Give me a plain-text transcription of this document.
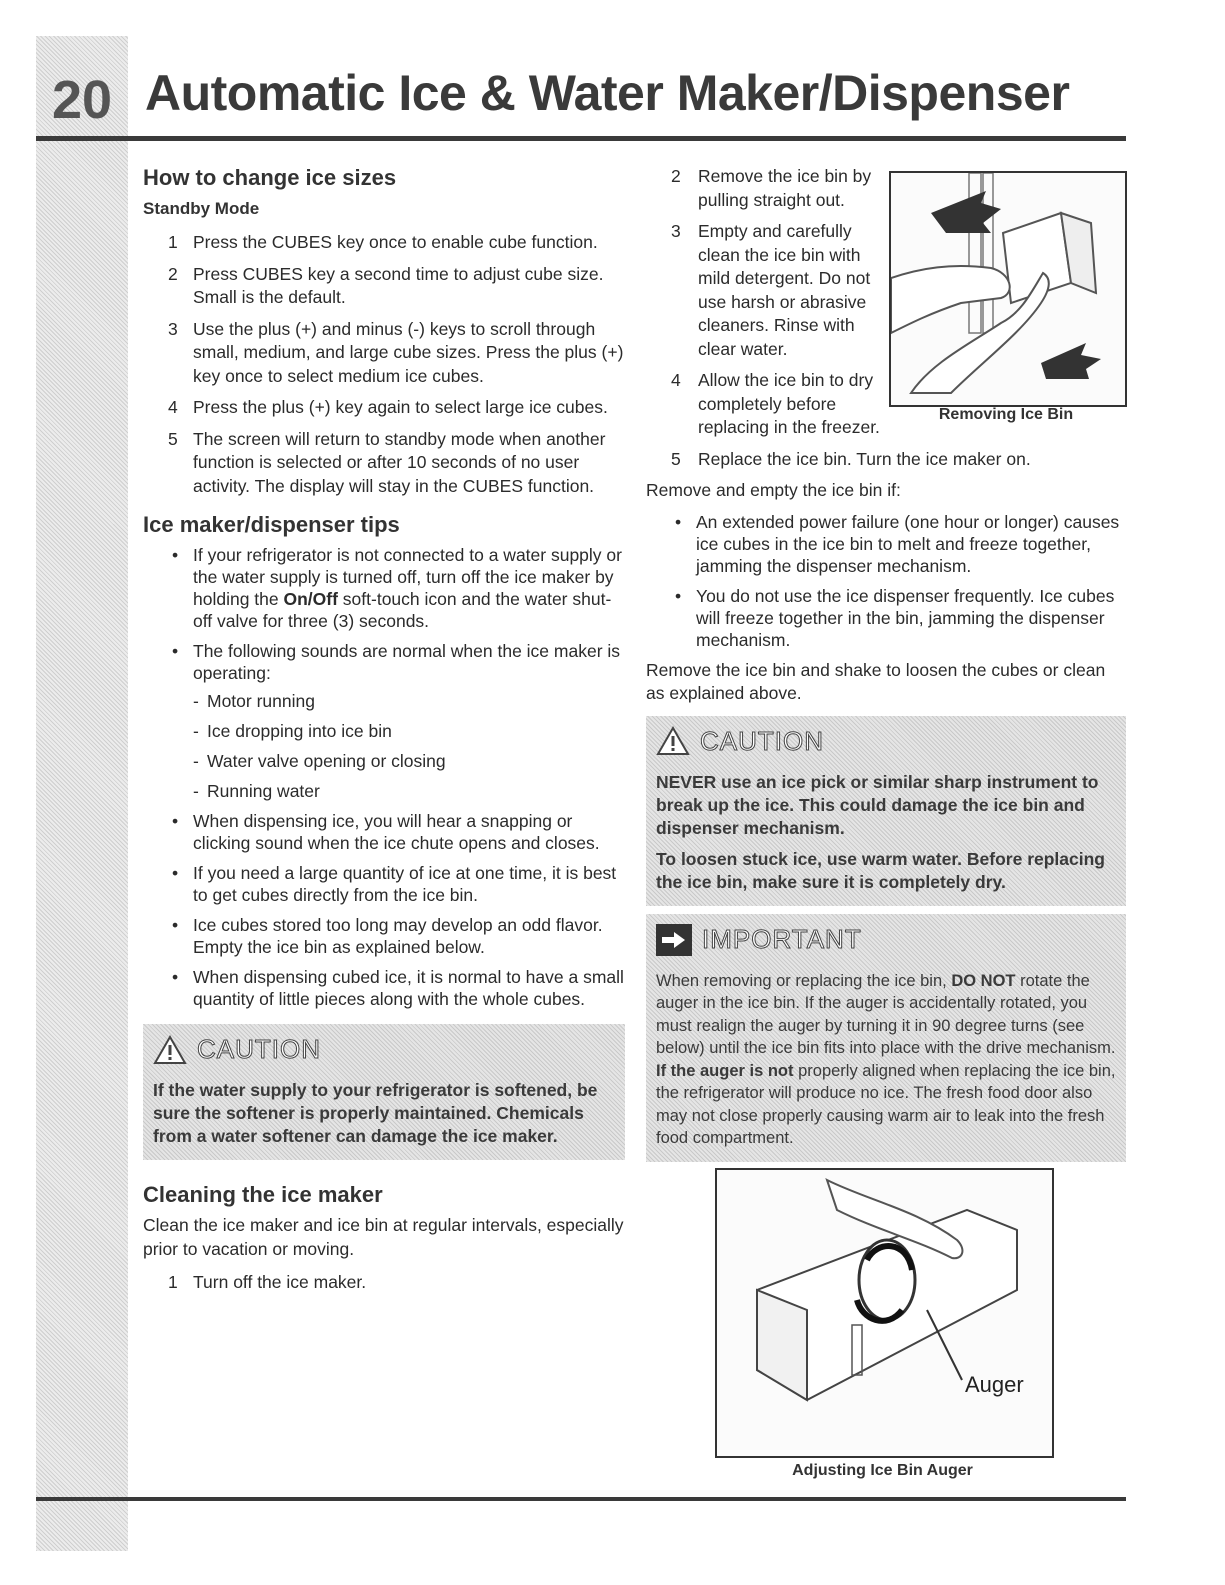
20 Automatic Ice & Water Maker/Dispenser
How to change ice sizes
Standby Mode
1 Press the CUBES key once to enable cube function.
2 Press CUBES key a second time to adjust cube size. Small is the default.
3 Use the plus (+) and minus (-) keys to scroll through small, medium, and large cube sizes. Press the plus (+) key once to select medium ice cubes.
4 Press the plus (+) key again to select large ice cubes.
5 The screen will return to standby mode when another function is selected or after 10 seconds of no user activity. The display will stay in the CUBES function.
Ice maker/dispenser tips
• If your refrigerator is not connected to a water supply or the water supply is turned off, turn off the ice maker by holding the On/Off soft-touch icon and the water shut-off valve for three (3) seconds.
• The following sounds are normal when the ice maker is operating:
- Motor running
- Ice dropping into ice bin
- Water valve opening or closing
- Running water
• When dispensing ice, you will hear a snapping or clicking sound when the ice chute opens and closes.
• If you need a large quantity of ice at one time, it is best to get cubes directly from the ice bin.
• Ice cubes stored too long may develop an odd flavor. Empty the ice bin as explained below.
• When dispensing cubed ice, it is normal to have a small quantity of little pieces along with the whole cubes.
CAUTION

If the water supply to your refrigerator is softened, be sure the softener is properly maintained. Chemicals from a water softener can damage the ice maker.

Cleaning the ice maker

Clean the ice maker and ice bin at regular intervals, especially prior to vacation or moving.

1 Turn off the ice maker.
2 Remove the ice bin by pulling straight out.
3 Empty and carefully clean the ice bin with mild detergent. Do not use harsh or abrasive cleaners. Rinse with clear water.
4 Allow the ice bin to dry completely before replacing in the freezer.
5 Replace the ice bin. Turn the ice maker on.

Remove and empty the ice bin if:

• An extended power failure (one hour or longer) causes ice cubes in the ice bin to melt and freeze together, jamming the dispenser mechanism.
• You do not use the ice dispenser frequently. Ice cubes will freeze together in the bin, jamming the dispenser mechanism.

Remove the ice bin and shake to loosen the cubes or clean as explained above.

CAUTION

NEVER use an ice pick or similar sharp instrument to break up the ice. This could damage the ice bin and dispenser mechanism.

To loosen stuck ice, use warm water. Before replacing the ice bin, make sure it is completely dry.

IMPORTANT

When removing or replacing the ice bin, DO NOT rotate the auger in the ice bin. If the auger is accidentally rotated, you must realign the auger by turning it in 90 degree turns (see below) until the ice bin fits into place with the drive mechanism. If the auger is not properly aligned when replacing the ice bin, the refrigerator will produce no ice. The fresh food door also may not close properly causing warm air to leak into the fresh food compartment.

Removing Ice Bin
Auger
Adjusting Ice Bin Auger
